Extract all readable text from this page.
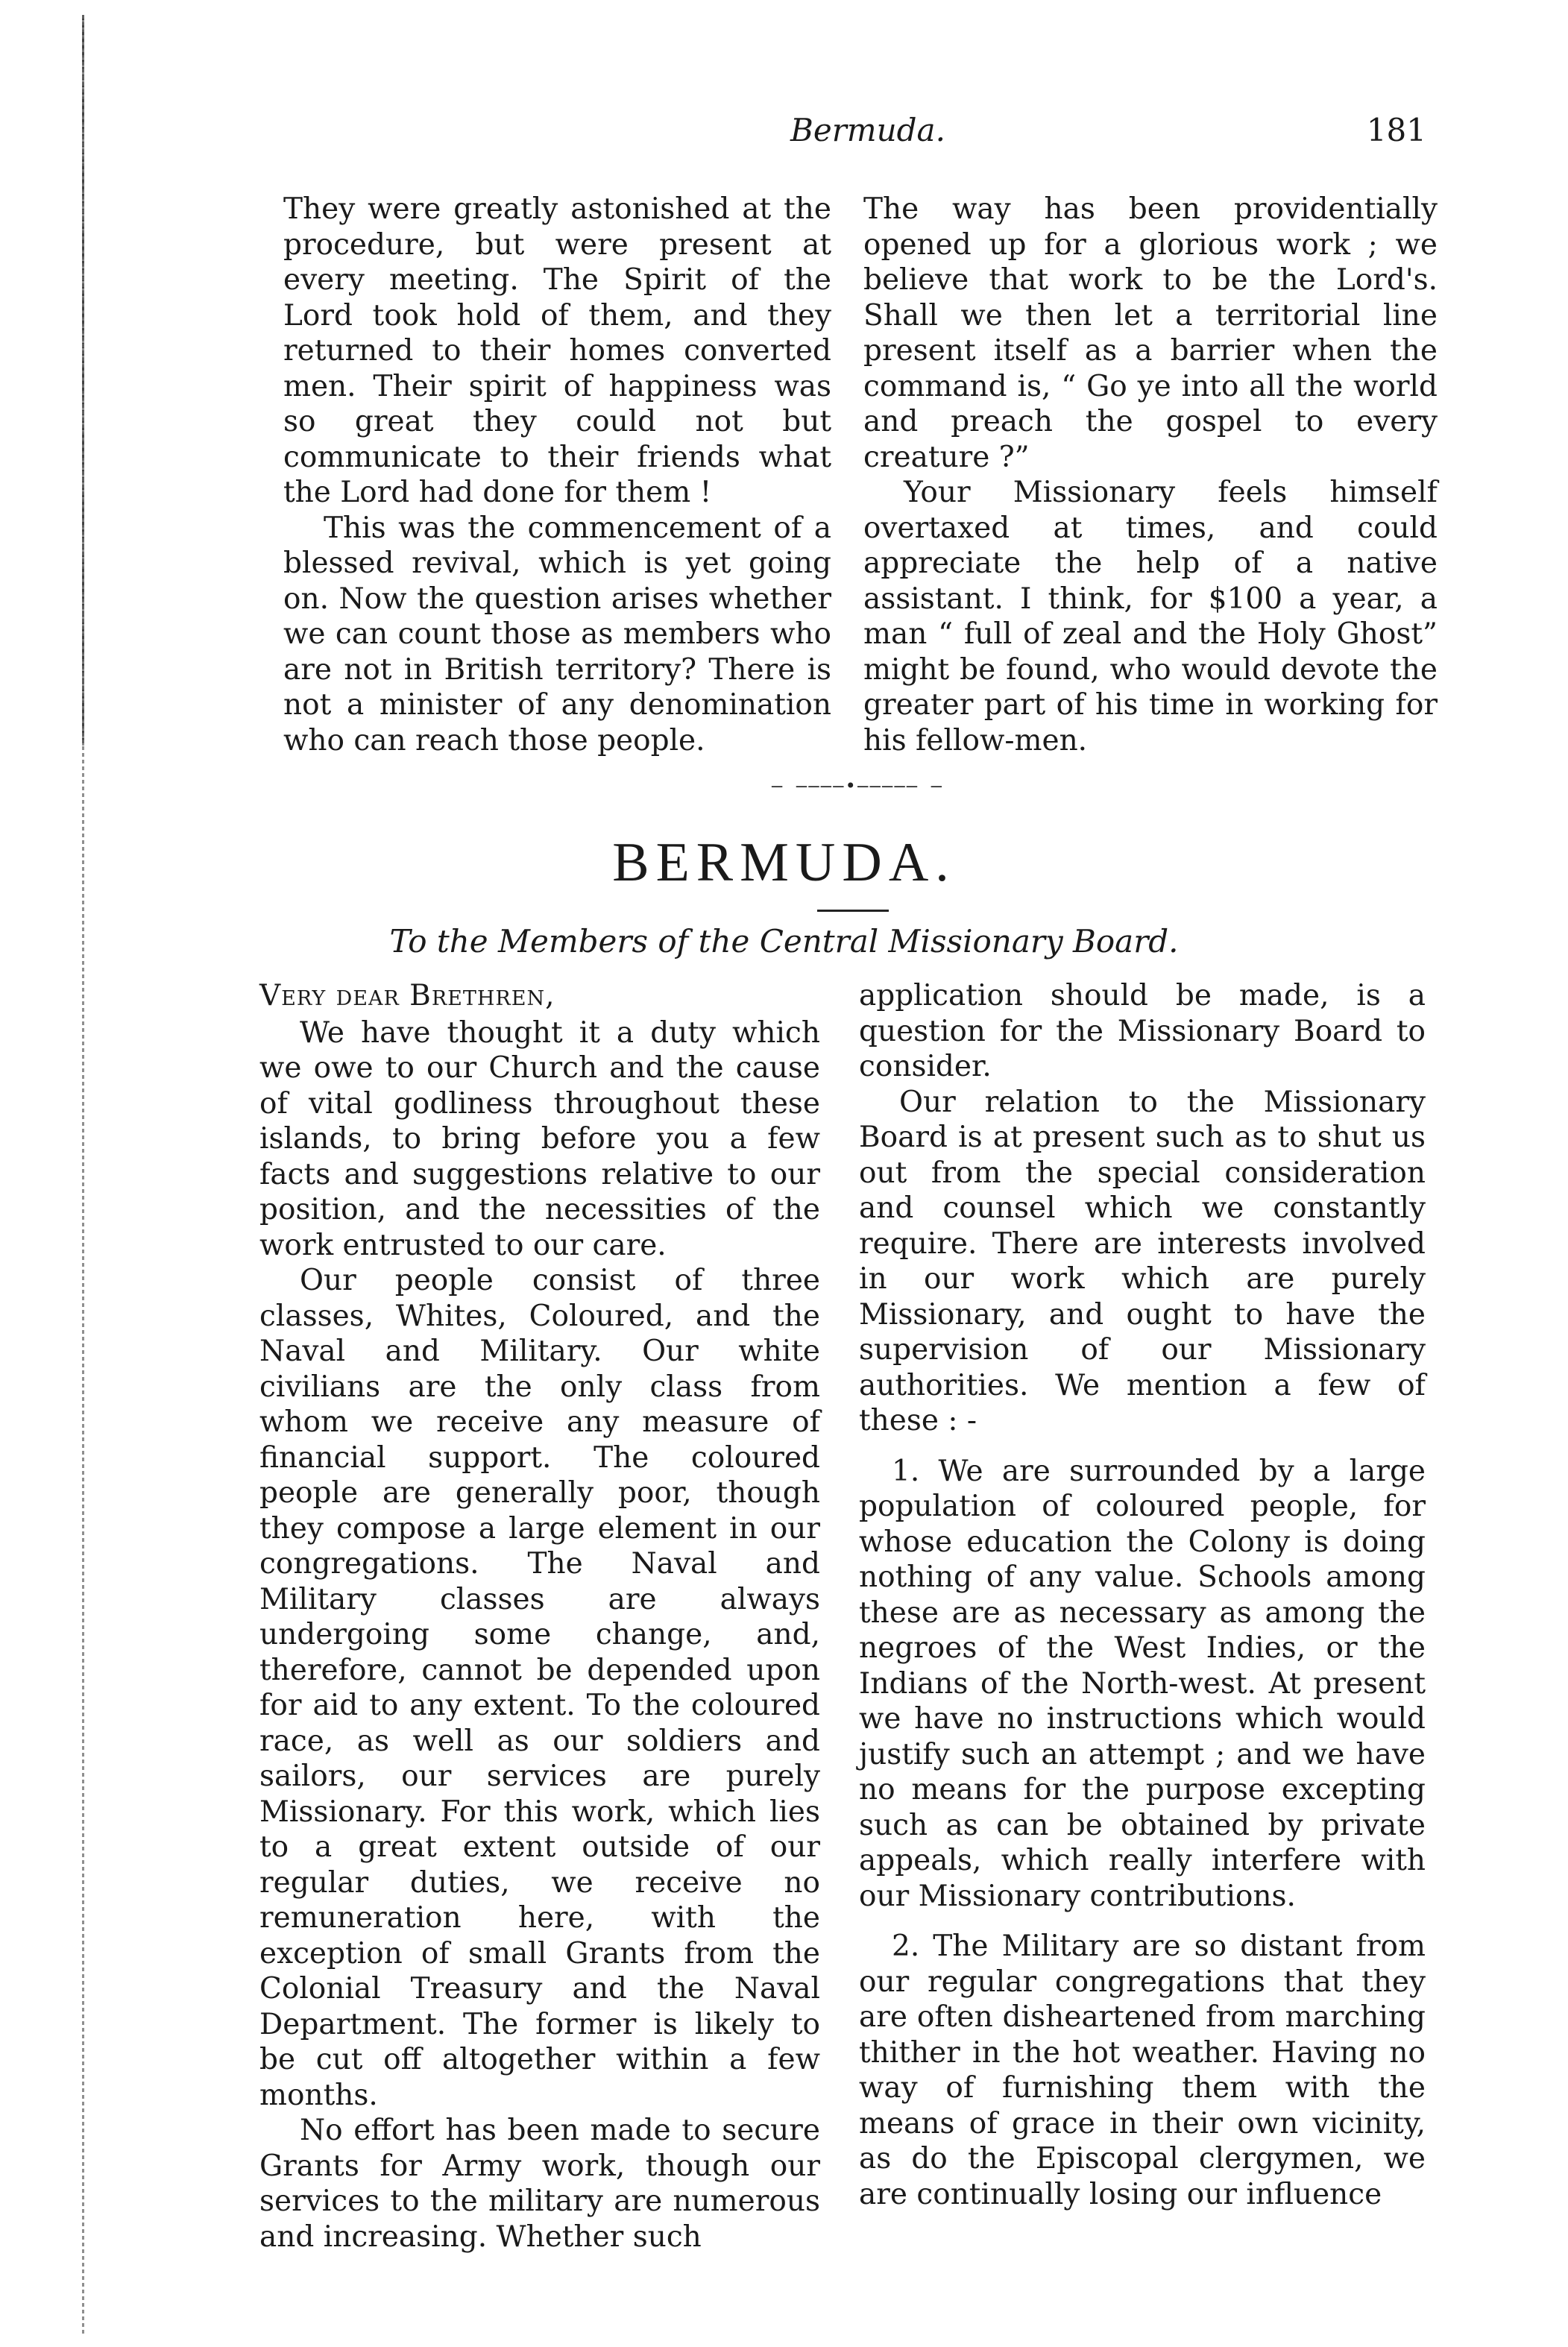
Bermuda.	181

They were greatly astonished at the procedure, but were present at every meeting. The Spirit of the Lord took hold of them, and they returned to their homes converted men. Their spirit of happiness was so great they could not but communicate to their friends what the Lord had done for them !

This was the commencement of a blessed revival, which is yet going on. Now the question arises whether we can count those as members who are not in British territory? There is not a minister of any denomination who can reach those people.

The way has been providentially opened up for a glorious work ; we believe that work to be the Lord's. Shall we then let a territorial line present itself as a barrier when the command is, “ Go ye into all the world and preach the gospel to every creature ?”

Your Missionary feels himself overtaxed at times, and could appreciate the help of a native assistant. I think, for $100 a year, a man “ full of zeal and the Holy Ghost” might be found, who would devote the greater part of his time in working for his fellow-men.

— –——–•—–——– —
BERMUDA.
To the Members of the Central Missionary Board.

Very dear Brethren,

We have thought it a duty which we owe to our Church and the cause of vital godliness throughout these islands, to bring before you a few facts and suggestions relative to our position, and the necessities of the work entrusted to our care.

Our people consist of three classes, Whites, Coloured, and the Naval and Military. Our white civilians are the only class from whom we receive any measure of financial support. The coloured people are generally poor, though they compose a large element in our congregations. The Naval and Military classes are always undergoing some change, and, therefore, cannot be depended upon for aid to any extent. To the coloured race, as well as our soldiers and sailors, our services are purely Missionary. For this work, which lies to a great extent outside of our regular duties, we receive no remuneration here, with the exception of small Grants from the Colonial Treasury and the Naval Department. The former is likely to be cut off altogether within a few months.

No effort has been made to secure Grants for Army work, though our services to the military are numerous and increasing. Whether such

application should be made, is a question for the Missionary Board to consider.

Our relation to the Missionary Board is at present such as to shut us out from the special consideration and counsel which we constantly require. There are interests involved in our work which are purely Missionary, and ought to have the supervision of our Missionary authorities. We mention a few of these : -

1. We are surrounded by a large population of coloured people, for whose education the Colony is doing nothing of any value. Schools among these are as necessary as among the negroes of the West Indies, or the Indians of the North-west. At present we have no instructions which would justify such an attempt ; and we have no means for the purpose excepting such as can be obtained by private appeals, which really interfere with our Missionary contributions.

2. The Military are so distant from our regular congregations that they are often disheartened from marching thither in the hot weather. Having no way of furnishing them with the means of grace in their own vicinity, as do the Episcopal clergymen, we are continually losing our influence
